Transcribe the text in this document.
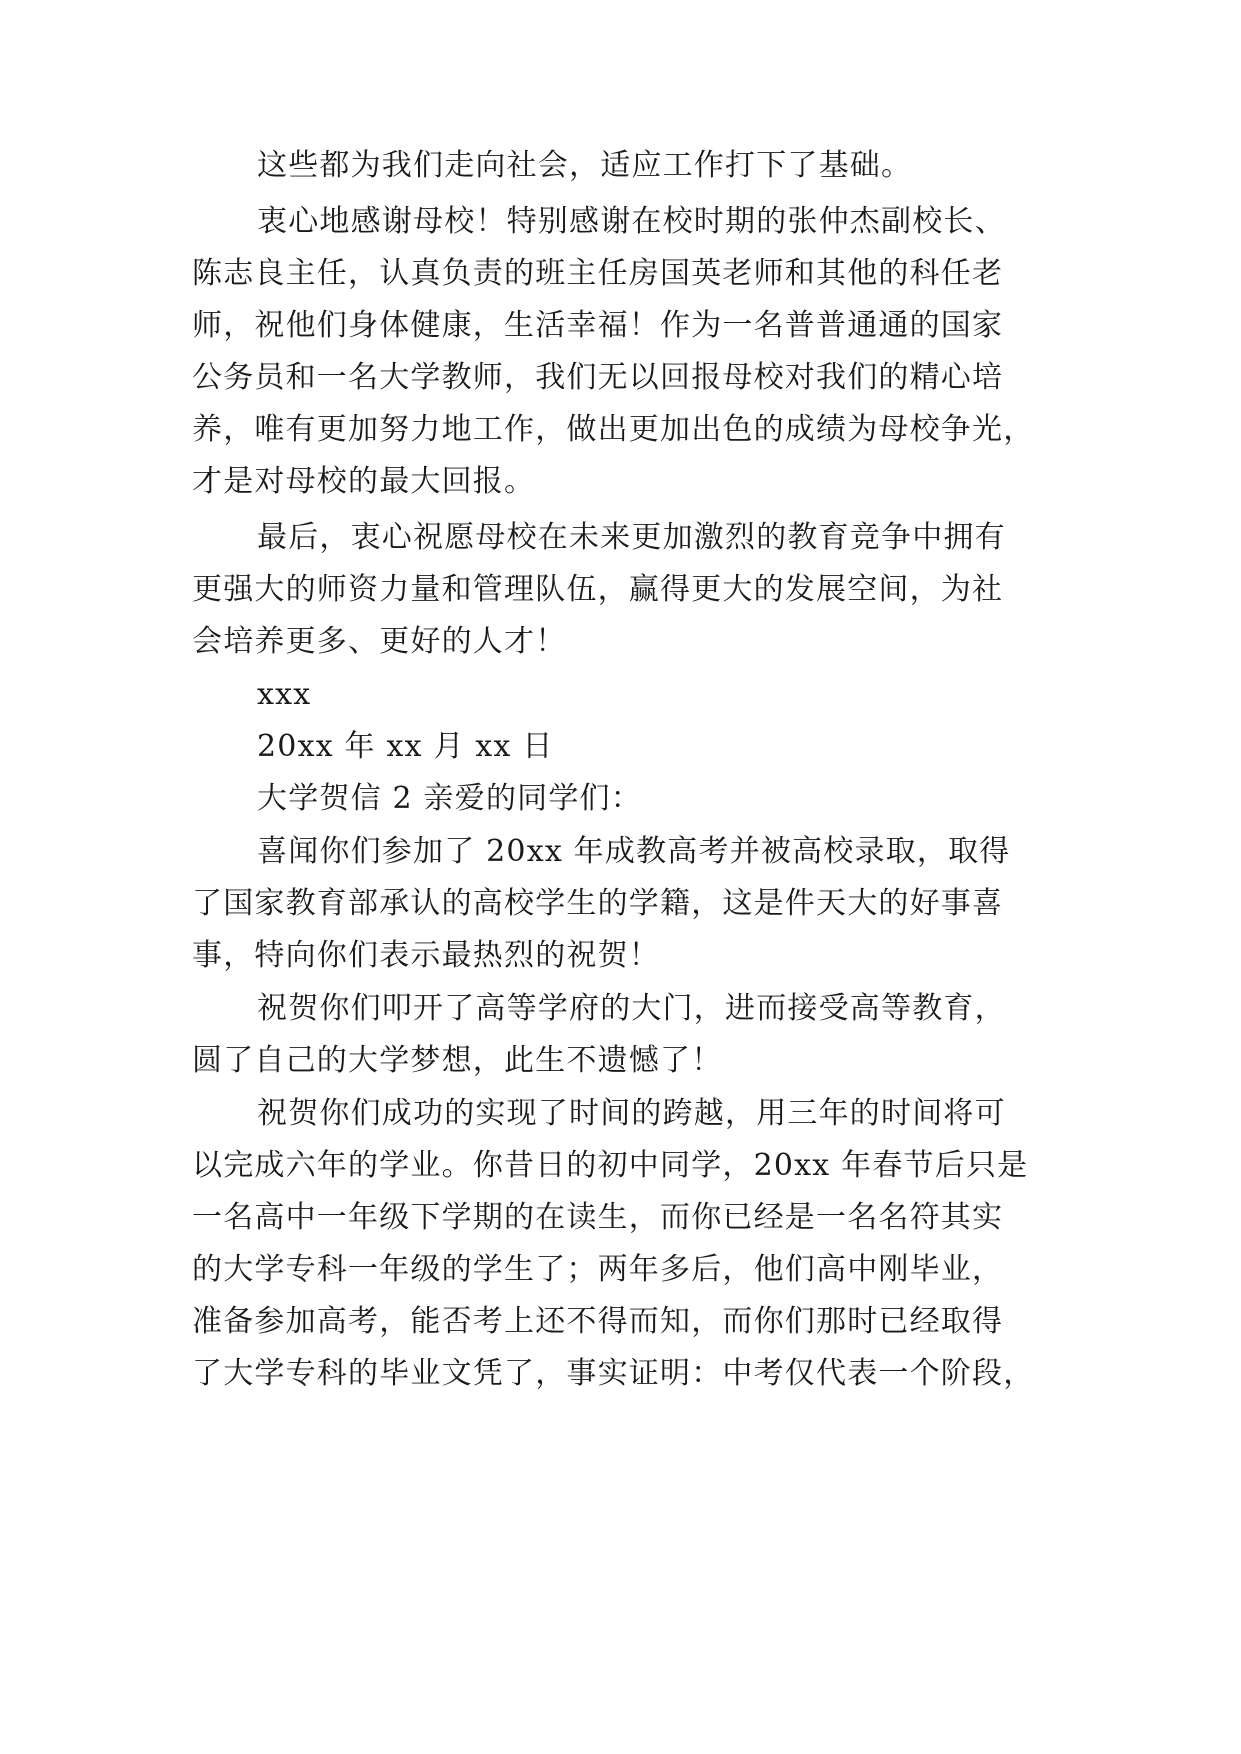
这些都为我们走向社会，适应工作打下了基础。
衷心地感谢母校！特别感谢在校时期的张仲杰副校长、
陈志良主任，认真负责的班主任房国英老师和其他的科任老
师，祝他们身体健康，生活幸福！作为一名普普通通的国家
公务员和一名大学教师，我们无以回报母校对我们的精心培
养，唯有更加努力地工作，做出更加出色的成绩为母校争光，
才是对母校的最大回报。
最后，衷心祝愿母校在未来更加激烈的教育竞争中拥有
更强大的师资力量和管理队伍，赢得更大的发展空间，为社
会培养更多、更好的人才！
xxx
20xx 年 xx 月 xx 日
大学贺信 2 亲爱的同学们：
喜闻你们参加了 20xx 年成教高考并被高校录取，取得
了国家教育部承认的高校学生的学籍，这是件天大的好事喜
事，特向你们表示最热烈的祝贺！
祝贺你们叩开了高等学府的大门，进而接受高等教育，
圆了自己的大学梦想，此生不遗憾了！
祝贺你们成功的实现了时间的跨越，用三年的时间将可
以完成六年的学业。你昔日的初中同学，20xx 年春节后只是
一名高中一年级下学期的在读生，而你已经是一名名符其实
的大学专科一年级的学生了；两年多后，他们高中刚毕业，
准备参加高考，能否考上还不得而知，而你们那时已经取得
了大学专科的毕业文凭了，事实证明：中考仅代表一个阶段，
